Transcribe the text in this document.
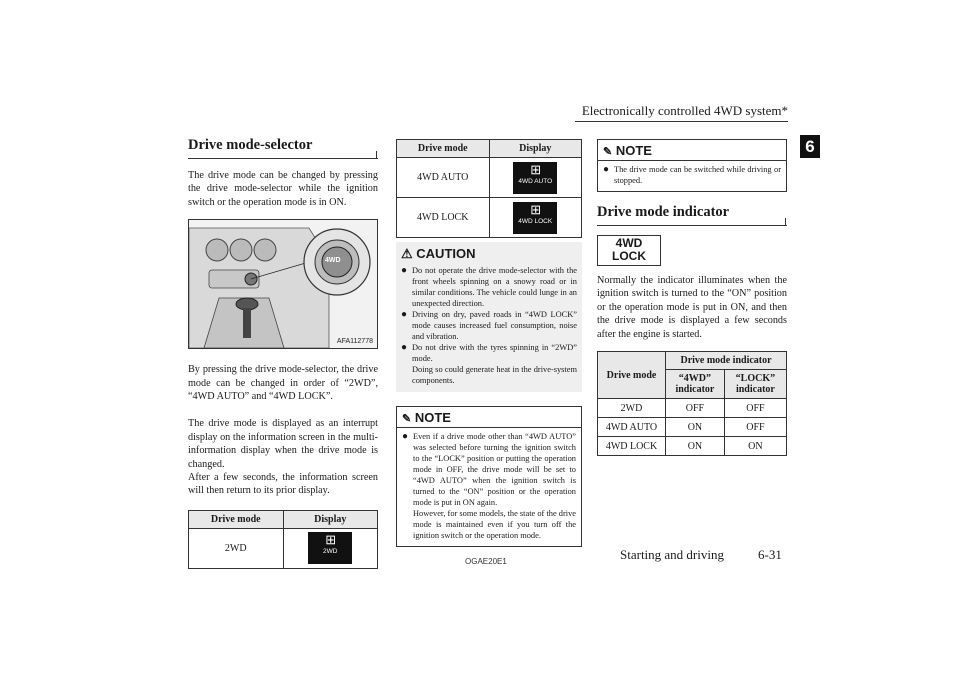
Electronically controlled 4WD system*
6
Drive mode-selector

The drive mode can be changed by pressing the drive mode-selector while the ignition switch or the operation mode is in ON.

4WD
AFA112778

By pressing the drive mode-selector, the drive mode can be changed in order of “2WD”, “4WD AUTO” and “4WD LOCK”.

The drive mode is displayed as an interrupt display on the information screen in the multi-information display when the drive mode is changed.

After a few seconds, the information screen will then return to its prior display.

Drive mode	Display
2WD	⊞
2WD
Drive mode	Display
4WD AUTO	⊞
4WD AUTO

4WD LOCK	⊞
4WD LOCK
⚠ CAUTION
● Do not operate the drive mode-selector with the front wheels spinning on a snowy road or in similar conditions. The vehicle could lunge in an unexpected direction.
● Driving on dry, paved roads in “4WD LOCK” mode causes increased fuel consumption, noise and vibration.
● Do not drive with the tyres spinning in “2WD” mode.
Doing so could generate heat in the drive-system components.
✎ NOTE
● Even if a drive mode other than “4WD AUTO” was selected before turning the ignition switch to the “LOCK” position or putting the operation mode in OFF, the drive mode will be set to “4WD AUTO” when the ignition switch is turned to the “ON” position or the operation mode is put in ON again.
However, for some models, the state of the drive mode is maintained even if you turn off the ignition switch or the operation mode.
✎ NOTE
● The drive mode can be switched while driving or stopped.
Drive mode indicator
4WD
LOCK

Normally the indicator illuminates when the ignition switch is turned to the “ON” position or the operation mode is put in ON, and then the drive mode is displayed a few seconds after the engine is started.

Drive mode	Drive mode indicator	
	“4WD” indicator	“LOCK” indicator
2WD	OFF	OFF
4WD AUTO	ON	OFF
4WD LOCK	ON	ON
OGAE20E1	Starting and driving	6-31
